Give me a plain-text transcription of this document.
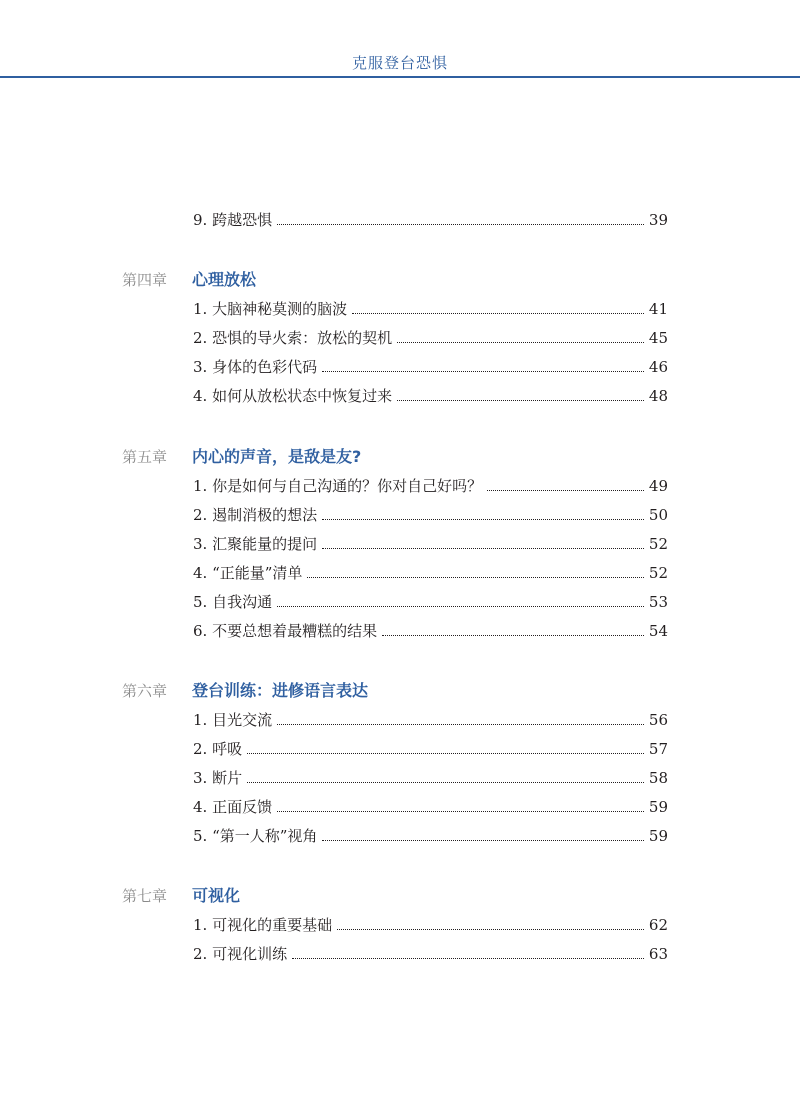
克服登台恐惧
9. 跨越恐惧	39
第四章	心理放松
1. 大脑神秘莫测的脑波	41
2. 恐惧的导火索：放松的契机	45
3. 身体的色彩代码	46
4. 如何从放松状态中恢复过来	48
第五章	内心的声音，是敌是友?
1. 你是如何与自己沟通的？你对自己好吗？	49
2. 遏制消极的想法	50
3. 汇聚能量的提问	52
4. “正能量”清单	52
5. 自我沟通	53
6. 不要总想着最糟糕的结果	54
第六章	登台训练：进修语言表达
1. 目光交流	56
2. 呼吸	57
3. 断片	58
4. 正面反馈	59
5. “第一人称”视角	59
第七章	可视化
1. 可视化的重要基础	62
2. 可视化训练	63
